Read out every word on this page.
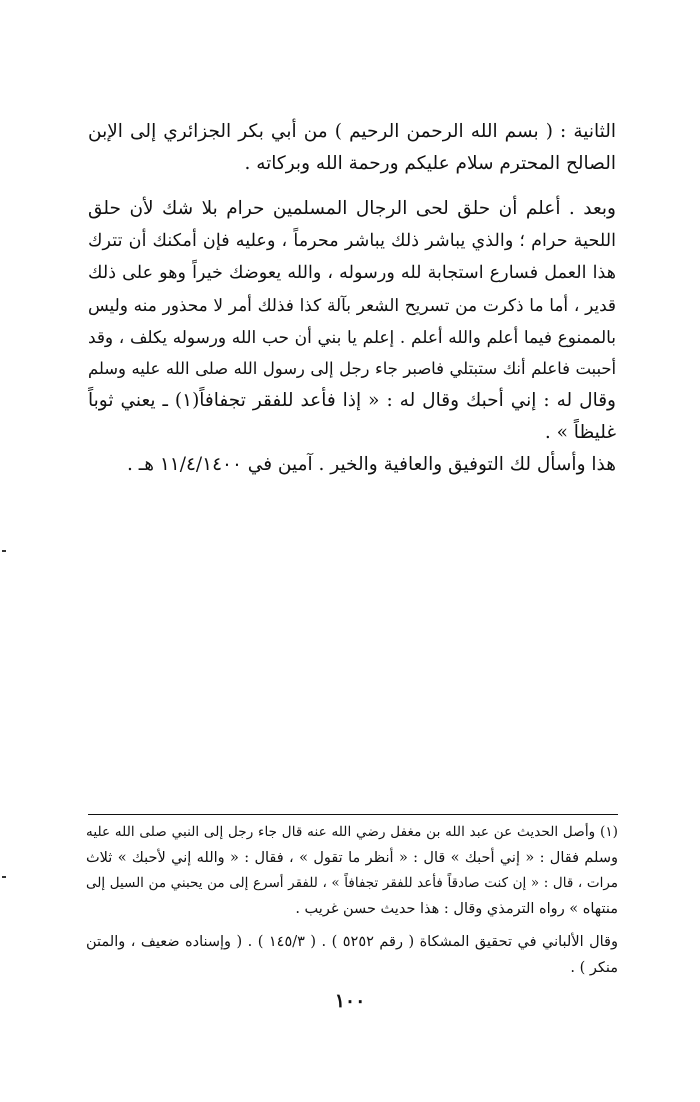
الثانية : ( بسم الله الرحمن الرحيم ) من أبي بكر الجزائري إلى الإبن
الصالح المحترم سلام عليكم ورحمة الله وبركاته .

وبعد . أعلم أن حلق لحى الرجال المسلمين حرام بلا شك لأن حلق
اللحية حرام ؛ والذي يباشر ذلك يباشر محرماً ، وعليه فإن أمكنك أن تترك
هذا العمل فسارع استجابة لله ورسوله ، والله يعوضك خيراً وهو على ذلك
قدير ، أما ما ذكرت من تسريح الشعر بآلة كذا فذلك أمر لا محذور منه وليس
بالممنوع فيما أعلم والله أعلم . إعلم يا بني أن حب الله ورسوله يكلف ، وقد
أحببت فاعلم أنك ستبتلي فاصبر جاء رجل إلى رسول الله صلى الله عليه وسلم
وقال له : إني أحبك وقال له : « إذا فأعد للفقر تجفافاً(١) ـ يعني ثوباً
غليظاً » .

هذا وأسأل لك التوفيق والعافية والخير . آمين في ١١/٤/١٤٠٠ هـ .

(١) وأصل الحديث عن عبد الله بن مغفل رضي الله عنه قال جاء رجل إلى النبي صلى الله عليه
وسلم فقال : « إني أحبك » قال : « أنظر ما تقول » ، فقال : « والله إني لأحبك » ثلاث
مرات ، قال : « إن كنت صادقاً فأعد للفقر تجفافاً » ، للفقر أسرع إلى من يحبني من السيل إلى
منتهاه » رواه الترمذي وقال : هذا حديث حسن غريب .

وقال الألباني في تحقيق المشكاة ( رقم ٥٢٥٢ ) . ( ١٤٥/٣ ) . ( وإسناده ضعيف ، والمتن
منكر ) .

١٠٠
